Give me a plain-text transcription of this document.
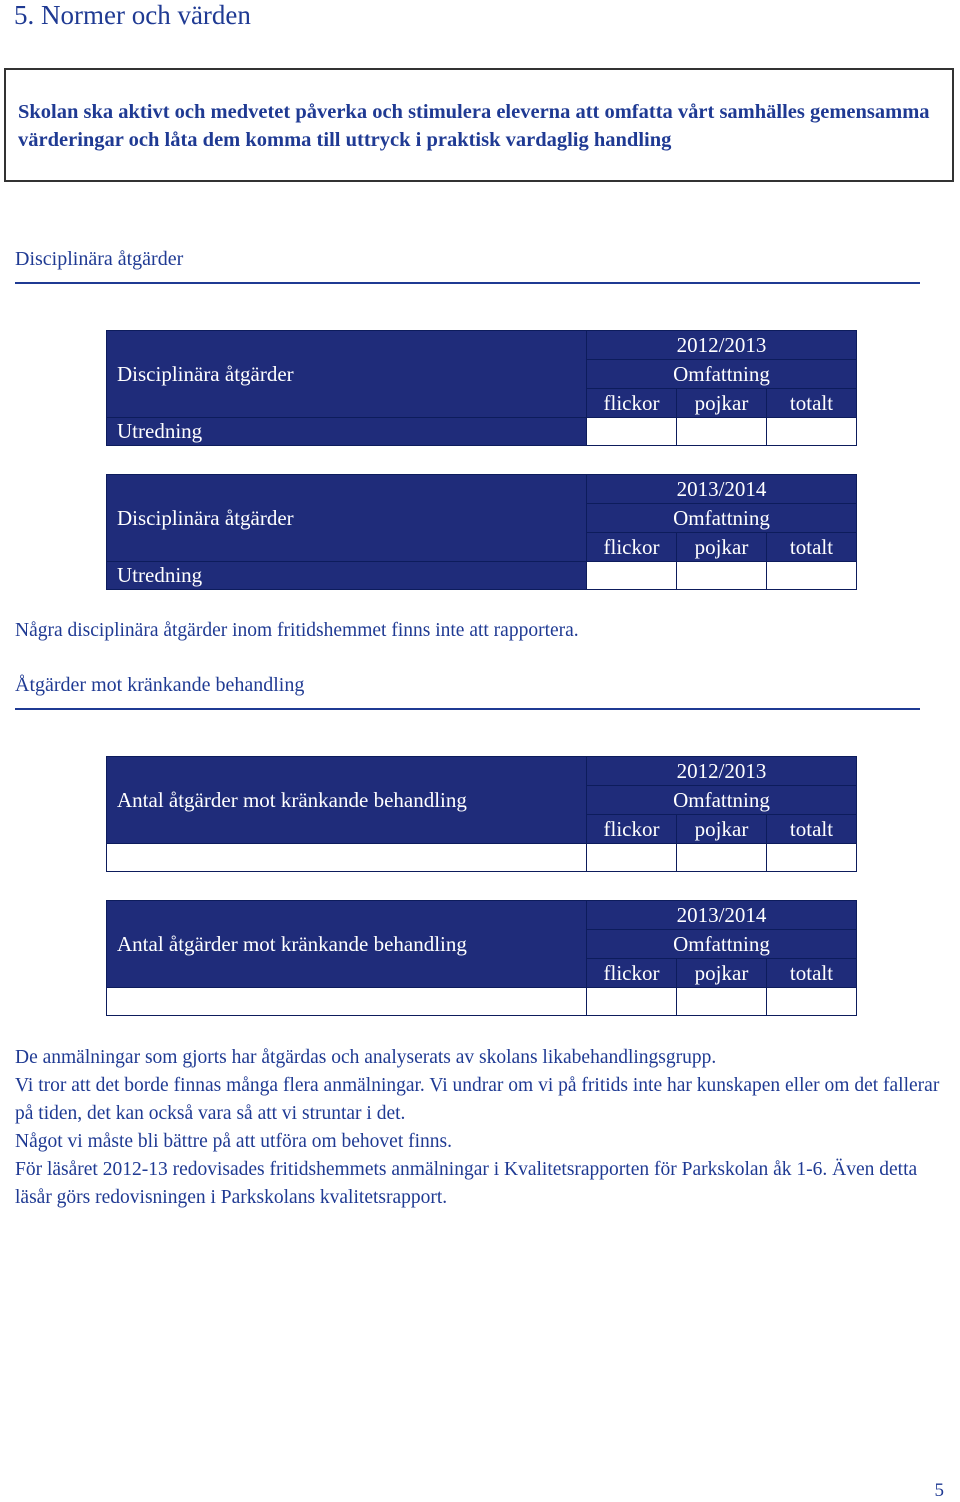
5. Normer och värden
Skolan ska aktivt och medvetet påverka och stimulera eleverna att omfatta vårt samhälles gemensamma värderingar och låta dem komma till uttryck i praktisk vardaglig handling
Disciplinära åtgärder
Disciplinära åtgärder	2012/2013		
	Omfattning		
	flickor	pojkar	totalt
Utredning			
Disciplinära åtgärder	2013/2014		
	Omfattning		
	flickor	pojkar	totalt
Utredning			
Några disciplinära åtgärder inom fritidshemmet finns inte att rapportera.
Åtgärder mot kränkande behandling
Antal åtgärder mot kränkande behandling	2012/2013		
	Omfattning		
	flickor	pojkar	totalt

Antal åtgärder mot kränkande behandling	2013/2014		
	Omfattning		
	flickor	pojkar	totalt

De anmälningar som gjorts har åtgärdas och analyserats av skolans likabehandlingsgrupp.

Vi tror att det borde finnas många flera anmälningar. Vi undrar om vi på fritids inte har kunskapen eller om det fallerar på tiden, det kan också vara så att vi struntar i det.

Något vi måste bli bättre på att utföra om behovet finns.

För läsåret 2012-13 redovisades fritidshemmets anmälningar i Kvalitetsrapporten för Parkskolan åk 1-6. Även detta läsår görs redovisningen i Parkskolans kvalitetsrapport.

5
